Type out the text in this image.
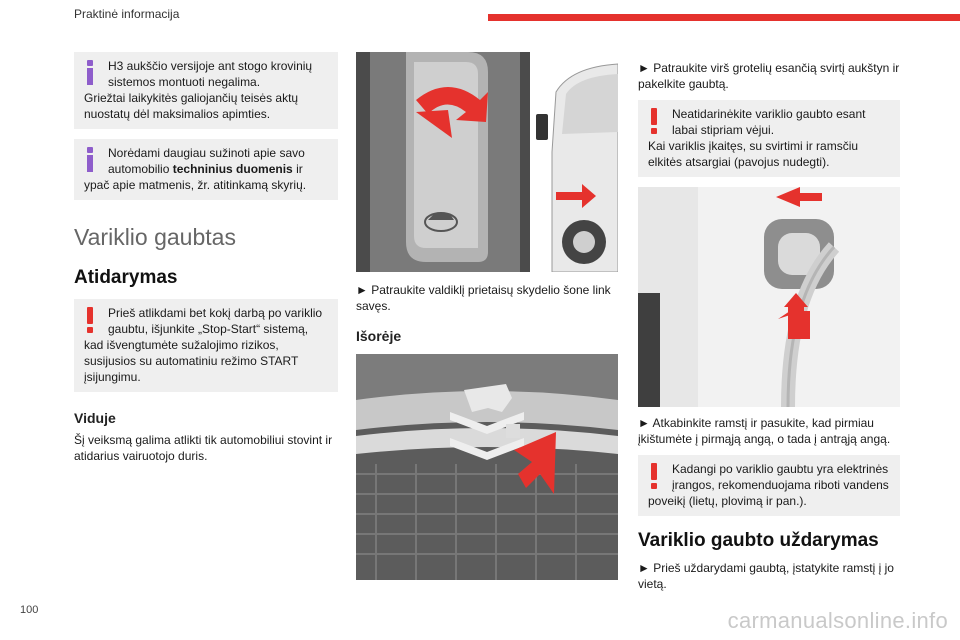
Praktinė informacija
H3 aukščio versijoje ant stogo krovinių
sistemos montuoti negalima.
Griežtai laikykitės galiojančių teisės aktų nuostatų dėl maksimalios apimties.
Norėdami daugiau sužinoti apie savo
automobilio techninius duomenis ir
ypač apie matmenis, žr. atitinkamą skyrių.
Variklio gaubtas
Atidarymas
Prieš atlikdami bet kokį darbą po variklio
gaubtu, išjunkite „Stop-Start“ sistemą,
kad išvengtumėte sužalojimo rizikos, susijusios su automatiniu režimo START įsijungimu.
Viduje
Šį veiksmą galima atlikti tik automobiliui stovint ir atidarius vairuotojo duris.
► Patraukite valdiklį prietaisų skydelio šone link savęs.
Išorėje
► Patraukite virš grotelių esančią svirtį aukštyn ir pakelkite gaubtą.
Neatidarinėkite variklio gaubto esant
labai stipriam vėjui.
Kai variklis įkaitęs, su svirtimi ir ramsčiu elkitės atsargiai (pavojus nudegti).
► Atkabinkite ramstį ir pasukite, kad pirmiau įkištumėte į pirmąją angą, o tada į antrąją angą.
Kadangi po variklio gaubtu yra elektrinės
įrangos, rekomenduojama riboti vandens
poveikį (lietų, plovimą ir pan.).
Variklio gaubto uždarymas
► Prieš uždarydami gaubtą, įstatykite ramstį į jo vietą.
100	carmanualsonline.info
